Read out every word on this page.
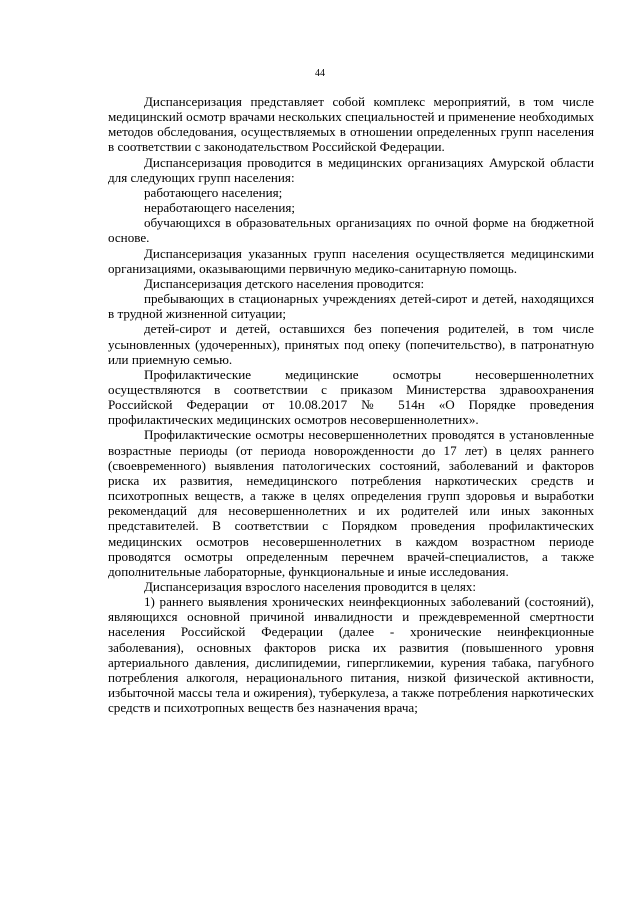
44

Диспансеризация представляет собой комплекс мероприятий, в том числе медицинский осмотр врачами нескольких специальностей и применение необходимых методов обследования, осуществляемых в отношении определенных групп населения в соответствии с законодательством Российской Федерации.

Диспансеризация проводится в медицинских организациях Амурской области для следующих групп населения:

работающего населения;

неработающего населения;

обучающихся в образовательных организациях по очной форме на бюджетной основе.

Диспансеризация указанных групп населения осуществляется медицинскими организациями, оказывающими первичную медико-санитарную помощь.

Диспансеризация детского населения проводится:

пребывающих в стационарных учреждениях детей-сирот и детей, находящихся в трудной жизненной ситуации;

детей-сирот и детей, оставшихся без попечения родителей, в том числе усыновленных (удочеренных), принятых под опеку (попечительство), в патронатную или приемную семью.

Профилактические медицинские осмотры несовершеннолетних осуществляются в соответствии с приказом Министерства здравоохранения Российской Федерации от 10.08.2017 № 514н «О Порядке проведения профилактических медицинских осмотров несовершеннолетних».

Профилактические осмотры несовершеннолетних проводятся в установленные возрастные периоды (от периода новорожденности до 17 лет) в целях раннего (своевременного) выявления патологических состояний, заболеваний и факторов риска их развития, немедицинского потребления наркотических средств и психотропных веществ, а также в целях определения групп здоровья и выработки рекомендаций для несовершеннолетних и их родителей или иных законных представителей. В соответствии с Порядком проведения профилактических медицинских осмотров несовершеннолетних в каждом возрастном периоде проводятся осмотры определенным перечнем врачей-специалистов, а также дополнительные лабораторные, функциональные и иные исследования.

Диспансеризация взрослого населения проводится в целях:

1) раннего выявления хронических неинфекционных заболеваний (состояний), являющихся основной причиной инвалидности и преждевременной смертности населения Российской Федерации (далее - хронические неинфекционные заболевания), основных факторов риска их развития (повышенного уровня артериального давления, дислипидемии, гипергликемии, курения табака, пагубного потребления алкоголя, нерационального питания, низкой физической активности, избыточной массы тела и ожирения), туберкулеза, а также потребления наркотических средств и психотропных веществ без назначения врача;
